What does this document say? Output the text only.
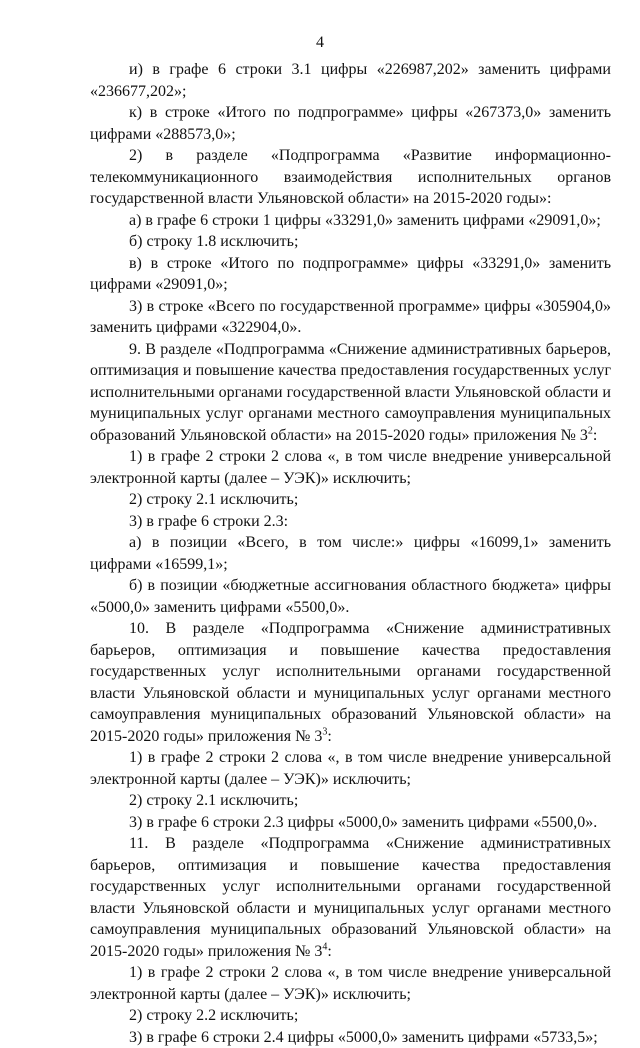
4

и) в графе 6 строки 3.1 цифры «226987,202» заменить цифрами «236677,202»;

к) в строке «Итого по подпрограмме» цифры «267373,0» заменить цифрами «288573,0»;

2) в разделе «Подпрограмма «Развитие информационно-телекоммуникационного взаимодействия исполнительных органов государственной власти Ульяновской области» на 2015-2020 годы»:

а) в графе 6 строки 1 цифры «33291,0» заменить цифрами «29091,0»;

б) строку 1.8 исключить;

в) в строке «Итого по подпрограмме» цифры «33291,0» заменить цифрами «29091,0»;

3) в строке «Всего по государственной программе» цифры «305904,0» заменить цифрами «322904,0».

9. В разделе «Подпрограмма «Снижение административных барьеров, оптимизация и повышение качества предоставления государственных услуг исполнительными органами государственной власти Ульяновской области и муниципальных услуг органами местного самоуправления муниципальных образований Ульяновской области» на 2015-2020 годы» приложения № $3^2$:

1) в графе 2 строки 2 слова «, в том числе внедрение универсальной электронной карты (далее – УЭК)» исключить;

2) строку 2.1 исключить;

3) в графе 6 строки 2.3:

а) в позиции «Всего, в том числе:» цифры «16099,1» заменить цифрами «16599,1»;

б) в позиции «бюджетные ассигнования областного бюджета» цифры «5000,0» заменить цифрами «5500,0».

10. В разделе «Подпрограмма «Снижение административных барьеров, оптимизация и повышение качества предоставления государственных услуг исполнительными органами государственной власти Ульяновской области и муниципальных услуг органами местного самоуправления муниципальных образований Ульяновской области» на 2015-2020 годы» приложения № $3^3$:

1) в графе 2 строки 2 слова «, в том числе внедрение универсальной электронной карты (далее – УЭК)» исключить;

2) строку 2.1 исключить;

3) в графе 6 строки 2.3 цифры «5000,0» заменить цифрами «5500,0».

11. В разделе «Подпрограмма «Снижение административных барьеров, оптимизация и повышение качества предоставления государственных услуг исполнительными органами государственной власти Ульяновской области и муниципальных услуг органами местного самоуправления муниципальных образований Ульяновской области» на 2015-2020 годы» приложения № $3^4$:

1) в графе 2 строки 2 слова «, в том числе внедрение универсальной электронной карты (далее – УЭК)» исключить;

2) строку 2.2 исключить;

3) в графе 6 строки 2.4 цифры «5000,0» заменить цифрами «5733,5»;
